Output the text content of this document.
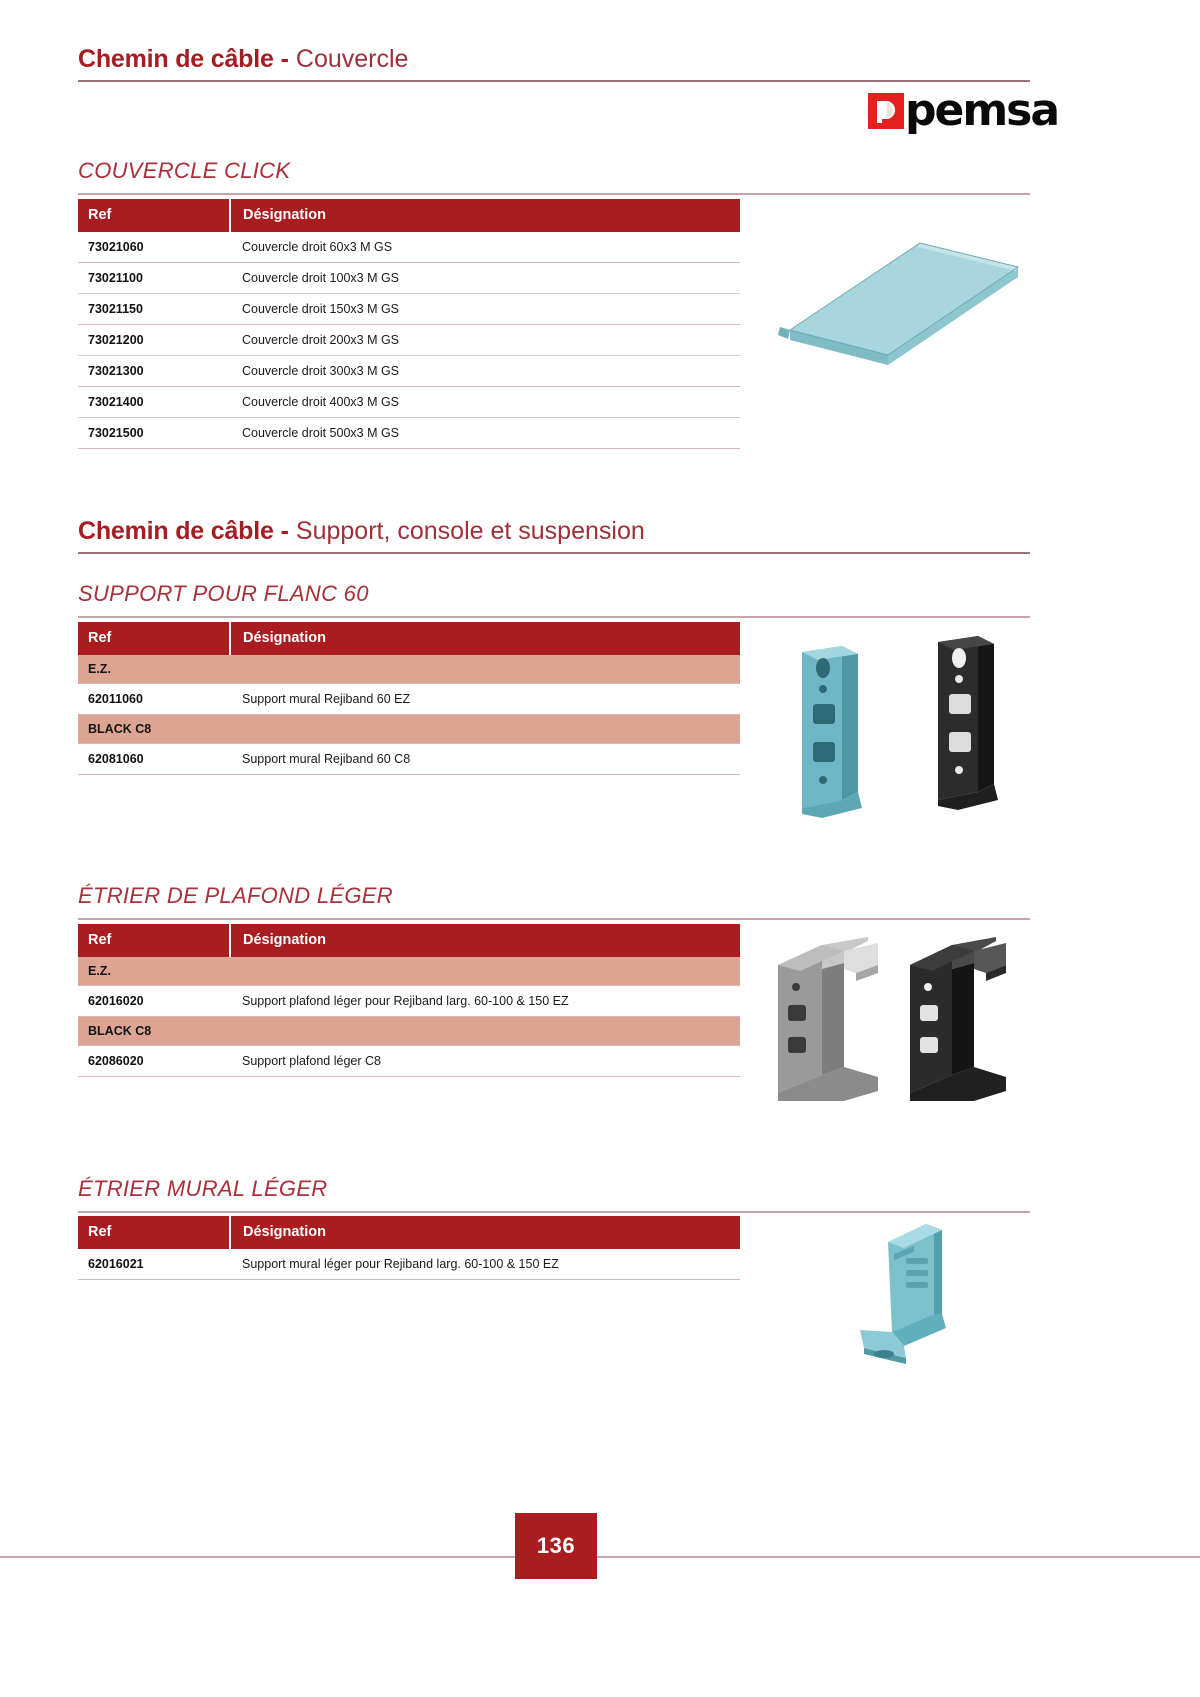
Chemin de câble - Couvercle
pemsa
COUVERCLE CLICK
Ref	Désignation
73021060	Couvercle droit 60x3 M GS
73021100	Couvercle droit 100x3 M GS
73021150	Couvercle droit 150x3 M GS
73021200	Couvercle droit 200x3 M GS
73021300	Couvercle droit 300x3 M GS
73021400	Couvercle droit 400x3 M GS
73021500	Couvercle droit 500x3 M GS
Chemin de câble - Support, console et suspension
SUPPORT POUR FLANC 60
Ref	Désignation
E.Z.	
62011060	Support mural Rejiband 60 EZ
BLACK C8	
62081060	Support mural Rejiband 60 C8
ÉTRIER DE PLAFOND LÉGER
Ref	Désignation
E.Z.	
62016020	Support plafond léger pour Rejiband larg. 60-100 & 150 EZ
BLACK C8	
62086020	Support plafond léger C8
ÉTRIER MURAL LÉGER
Ref	Désignation
62016021	Support mural léger pour Rejiband larg. 60-100 & 150 EZ
136
